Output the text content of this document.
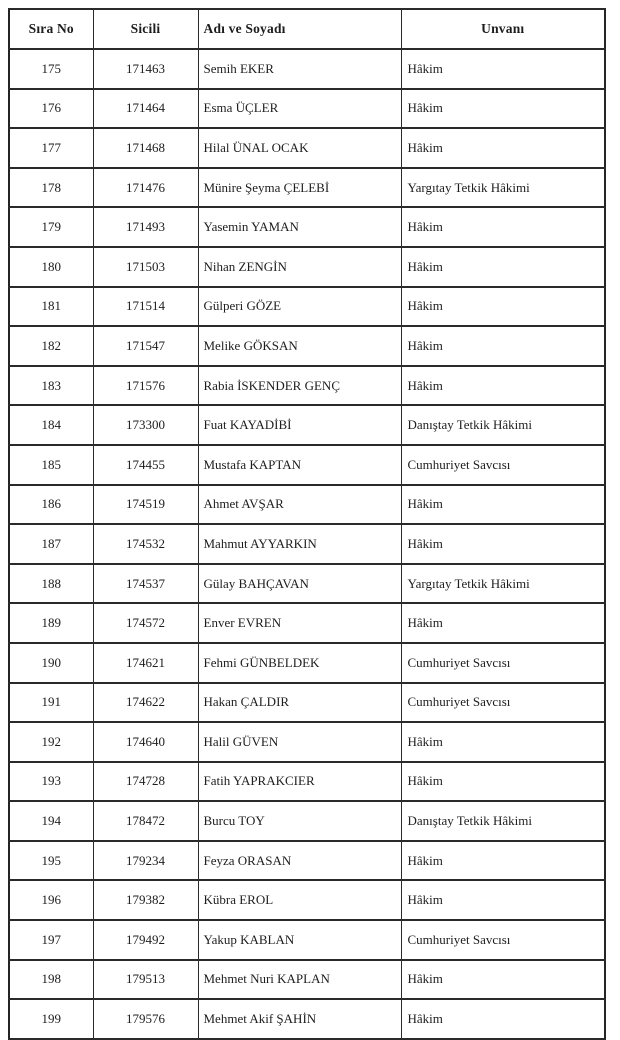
Sıra No	Sicili	Adı ve Soyadı	Unvanı
175	171463	Semih EKER	Hâkim
176	171464	Esma ÜÇLER	Hâkim
177	171468	Hilal ÜNAL OCAK	Hâkim
178	171476	Münire Şeyma ÇELEBİ	Yargıtay Tetkik Hâkimi
179	171493	Yasemin YAMAN	Hâkim
180	171503	Nihan ZENGİN	Hâkim
181	171514	Gülperi GÖZE	Hâkim
182	171547	Melike GÖKSAN	Hâkim
183	171576	Rabia İSKENDER GENÇ	Hâkim
184	173300	Fuat KAYADİBİ	Danıştay Tetkik Hâkimi
185	174455	Mustafa KAPTAN	Cumhuriyet Savcısı
186	174519	Ahmet AVŞAR	Hâkim
187	174532	Mahmut AYYARKIN	Hâkim
188	174537	Gülay BAHÇAVAN	Yargıtay Tetkik Hâkimi
189	174572	Enver EVREN	Hâkim
190	174621	Fehmi GÜNBELDEK	Cumhuriyet Savcısı
191	174622	Hakan ÇALDIR	Cumhuriyet Savcısı
192	174640	Halil GÜVEN	Hâkim
193	174728	Fatih YAPRAKCIER	Hâkim
194	178472	Burcu TOY	Danıştay Tetkik Hâkimi
195	179234	Feyza ORASAN	Hâkim
196	179382	Kübra EROL	Hâkim
197	179492	Yakup KABLAN	Cumhuriyet Savcısı
198	179513	Mehmet Nuri KAPLAN	Hâkim
199	179576	Mehmet Akif ŞAHİN	Hâkim
